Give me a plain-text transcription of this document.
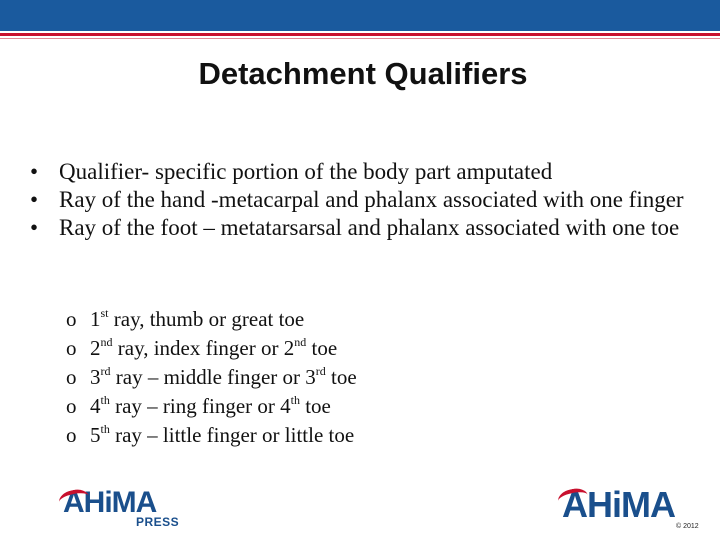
Detachment Qualifiers
• Qualifier- specific portion of the body part amputated
• Ray of the hand -metacarpal and phalanx associated with one finger
• Ray of the foot – metatarsarsal and phalanx associated with one toe
o 1st ray, thumb or great toe
o 2nd ray, index finger or 2nd toe
o 3rd ray – middle finger or 3rd toe
o 4th ray – ring finger or 4th toe
o 5th ray – little finger or little toe
AHiMA
PRESS	AHiMA
© 2012
